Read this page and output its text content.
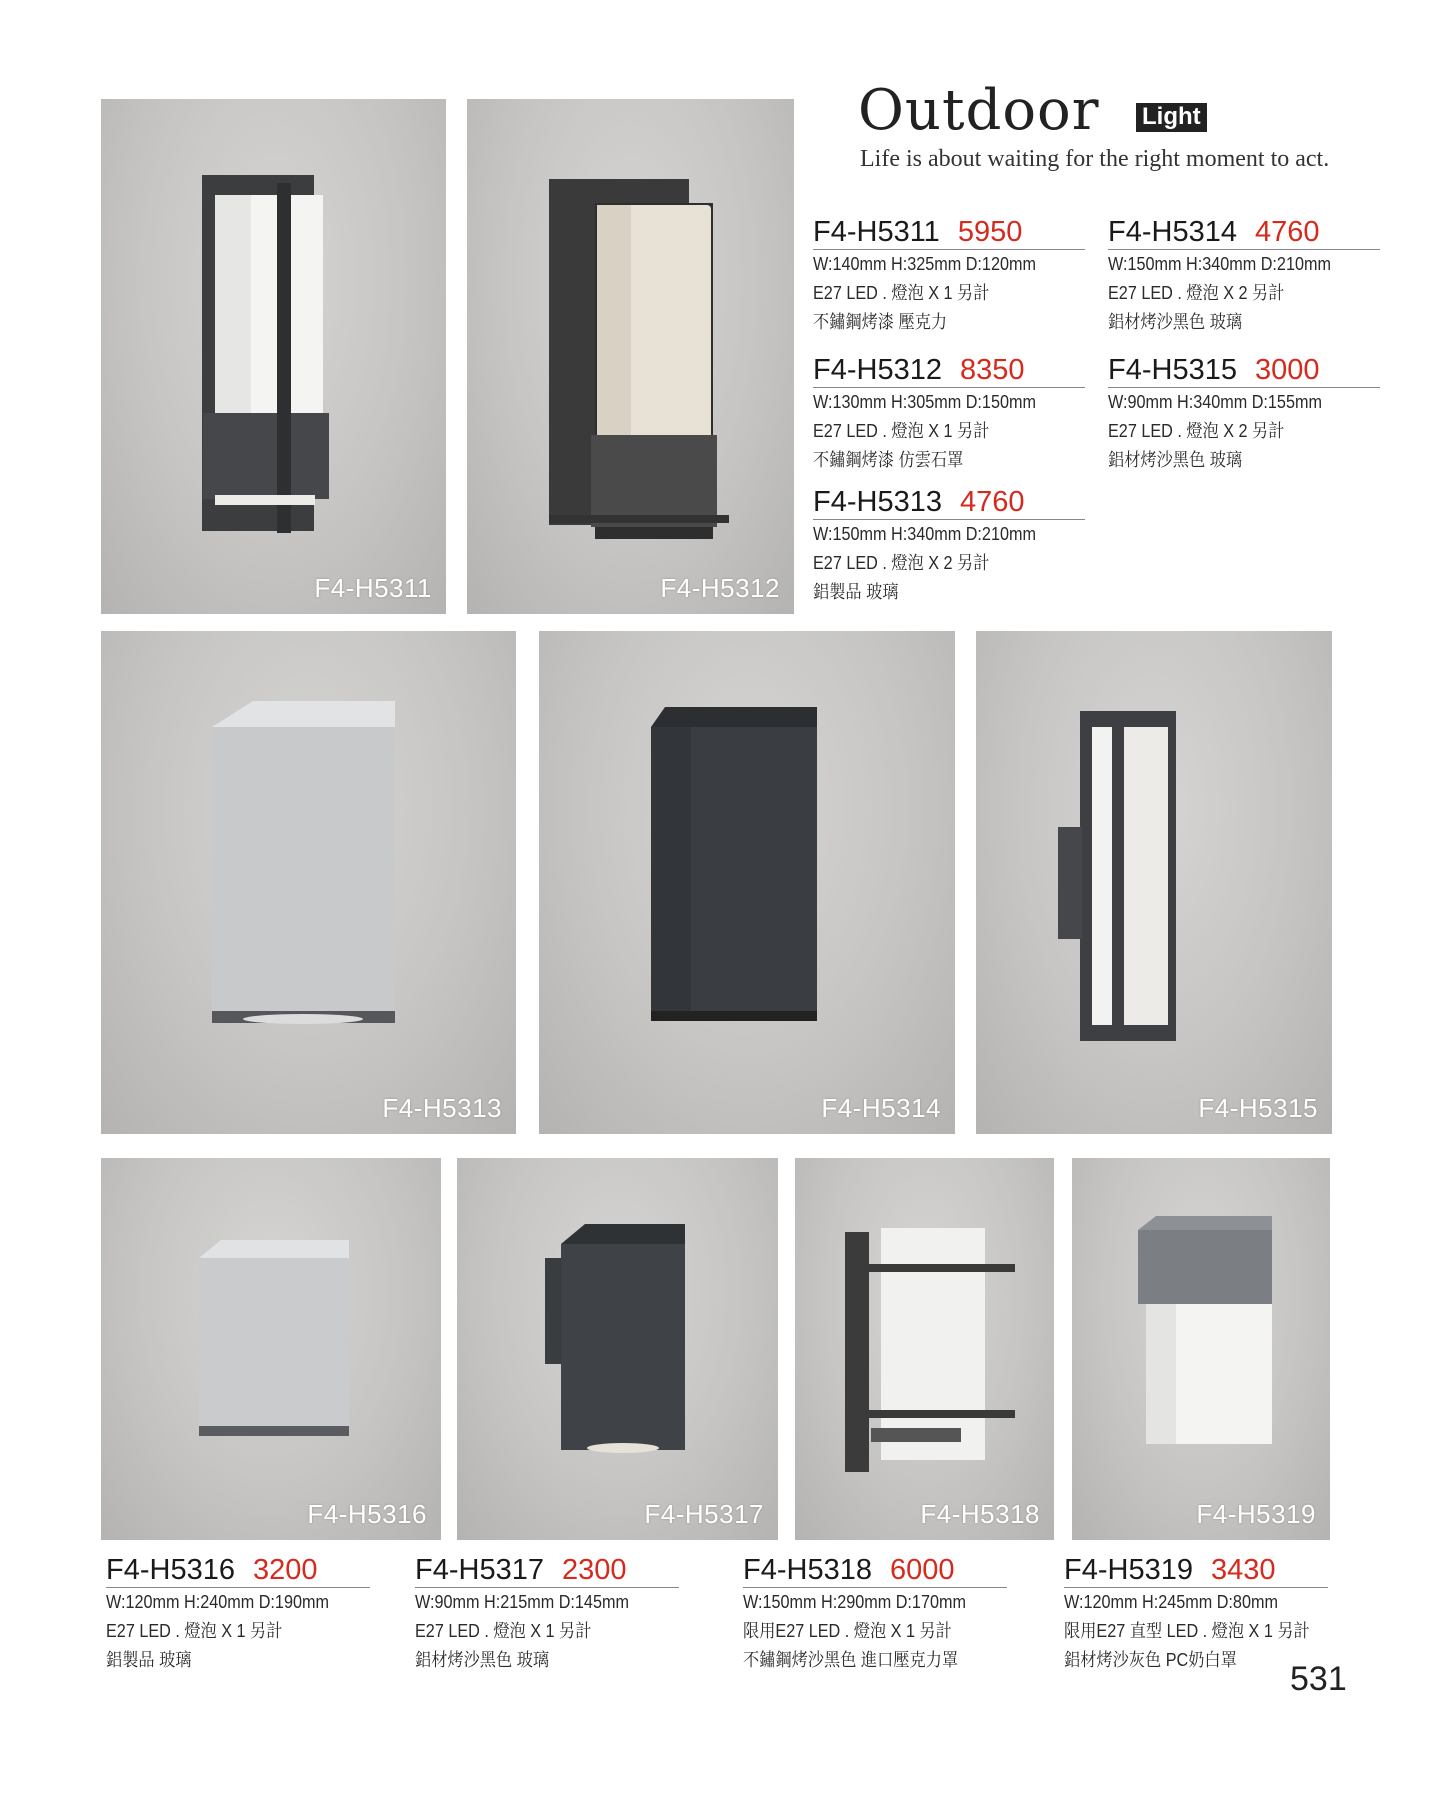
Outdoor Light
Life is about waiting for the right moment to act.
F4-H5311	F4-H5312
F4-H5313	F4-H5314	F4-H5315
F4-H5316	F4-H5317	F4-H5318	F4-H5319
F4-H5311 5950
W:140mm H:325mm D:120mm
E27 LED . 燈泡 X 1 另計
不鏽鋼烤漆 壓克力
F4-H5312 8350
W:130mm H:305mm D:150mm
E27 LED . 燈泡 X 1 另計
不鏽鋼烤漆 仿雲石罩
F4-H5313 4760
W:150mm H:340mm D:210mm
E27 LED . 燈泡 X 2 另計
鋁製品 玻璃
F4-H5314 4760
W:150mm H:340mm D:210mm
E27 LED . 燈泡 X 2 另計
鋁材烤沙黑色 玻璃
F4-H5315 3000
W:90mm H:340mm D:155mm
E27 LED . 燈泡 X 2 另計
鋁材烤沙黑色 玻璃
F4-H5316 3200
W:120mm H:240mm D:190mm
E27 LED . 燈泡 X 1 另計
鋁製品 玻璃
F4-H5317 2300
W:90mm H:215mm D:145mm
E27 LED . 燈泡 X 1 另計
鋁材烤沙黑色 玻璃
F4-H5318 6000
W:150mm H:290mm D:170mm
限用E27 LED . 燈泡 X 1 另計
不鏽鋼烤沙黑色 進口壓克力罩
F4-H5319 3430
W:120mm H:245mm D:80mm
限用E27 直型 LED . 燈泡 X 1 另計
鋁材烤沙灰色 PC奶白罩	531
